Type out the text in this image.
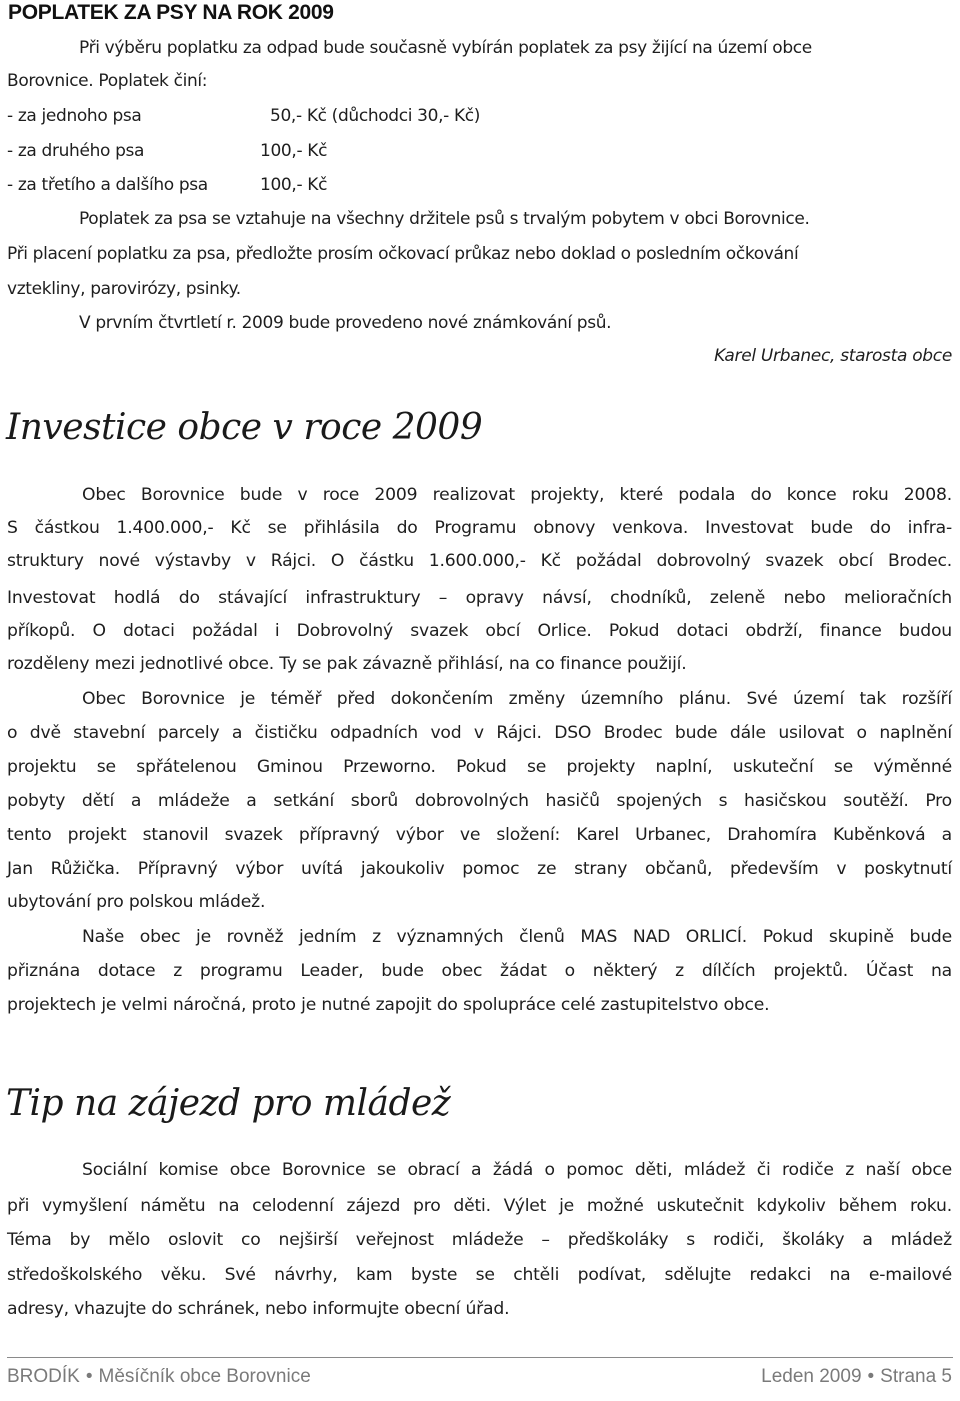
POPLATEK ZA PSY NA ROK 2009
Při výběru poplatku za odpad bude současně vybírán poplatek za psy žijící na území obce
Borovnice. Poplatek činí:
- za jednoho psa	50,- Kč (důchodci 30,- Kč)
- za druhého psa	100,- Kč
- za třetího a dalšího psa	100,- Kč
Poplatek za psa se vztahuje na všechny držitele psů s trvalým pobytem v obci Borovnice.
Při placení poplatku za psa, předložte prosím očkovací průkaz nebo doklad o posledním očkování
vztekliny, parovirózy, psinky.
V prvním čtvrtletí r. 2009 bude provedeno nové známkování psů.
Karel Urbanec, starosta obce
Investice obce v roce 2009
Obec Borovnice bude v roce 2009 realizovat projekty, které podala do konce roku 2008.
S částkou 1.400.000,- Kč se přihlásila do Programu obnovy venkova. Investovat bude do infra-
struktury nové výstavby v Rájci. O částku 1.600.000,- Kč požádal dobrovolný svazek obcí Brodec.
Investovat hodlá do stávající infrastruktury – opravy návsí, chodníků, zeleně nebo melioračních
příkopů. O dotaci požádal i Dobrovolný svazek obcí Orlice. Pokud dotaci obdrží, finance budou
rozděleny mezi jednotlivé obce. Ty se pak závazně přihlásí, na co finance použijí.
Obec Borovnice je téměř před dokončením změny územního plánu. Své území tak rozšíří
o dvě stavební parcely a čističku odpadních vod v Rájci. DSO Brodec bude dále usilovat o naplnění
projektu se spřátelenou Gminou Przeworno. Pokud se projekty naplní, uskuteční se výměnné
pobyty dětí a mládeže a setkání sborů dobrovolných hasičů spojených s hasičskou soutěží. Pro
tento projekt stanovil svazek přípravný výbor ve složení: Karel Urbanec, Drahomíra Kuběnková a
Jan Růžička. Přípravný výbor uvítá jakoukoliv pomoc ze strany občanů, především v poskytnutí
ubytování pro polskou mládež.
Naše obec je rovněž jedním z významných členů MAS NAD ORLICÍ. Pokud skupině bude
přiznána dotace z programu Leader, bude obec žádat o některý z dílčích projektů. Účast na
projektech je velmi náročná, proto je nutné zapojit do spolupráce celé zastupitelstvo obce.
Tip na zájezd pro mládež
Sociální komise obce Borovnice se obrací a žádá o pomoc děti, mládež či rodiče z naší obce
při vymyšlení námětu na celodenní zájezd pro děti. Výlet je možné uskutečnit kdykoliv během roku.
Téma by mělo oslovit co nejširší veřejnost mládeže – předškoláky s rodiči, školáky a mládež
středoškolského věku. Své návrhy, kam byste se chtěli podívat, sdělujte redakci na e-mailové
adresy, vhazujte do schránek, nebo informujte obecní úřad.
BRODÍK • Měsíčník obce Borovnice	Leden 2009 • Strana 5
